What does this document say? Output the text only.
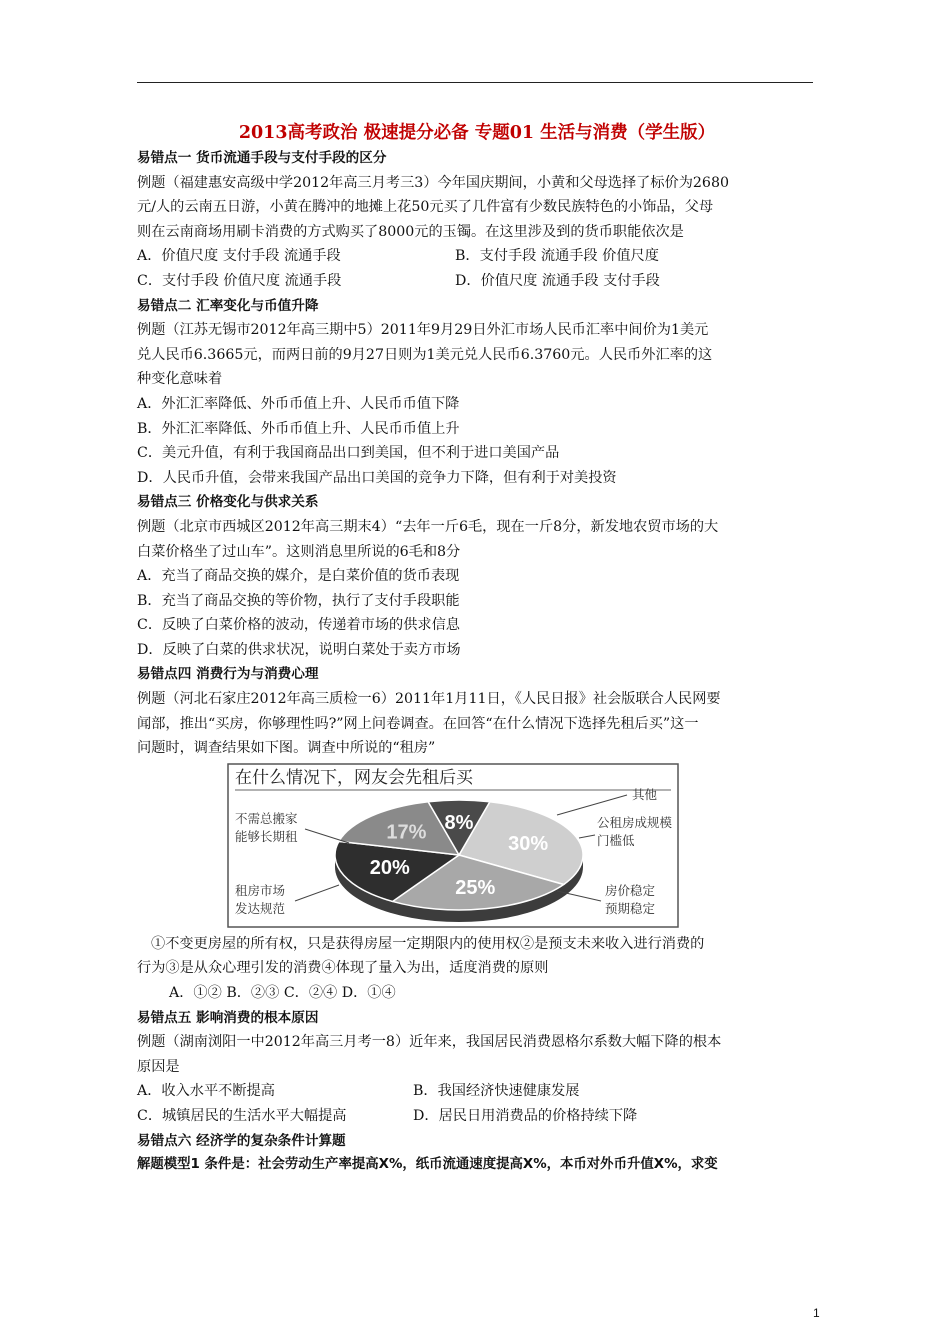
2013高考政治 极速提分必备 专题01 生活与消费（学生版）
易错点一 货币流通手段与支付手段的区分
例题（福建惠安高级中学2012年高三月考三3）今年国庆期间，小黄和父母选择了标价为2680
元/人的云南五日游，小黄在腾冲的地摊上花50元买了几件富有少数民族特色的小饰品，父母
则在云南商场用刷卡消费的方式购买了8000元的玉镯。在这里涉及到的货币职能依次是
A．价值尺度 支付手段 流通手段	B．支付手段 流通手段 价值尺度
C．支付手段 价值尺度 流通手段	D．价值尺度 流通手段 支付手段
易错点二 汇率变化与币值升降
例题（江苏无锡市2012年高三期中5）2011年9月29日外汇市场人民币汇率中间价为1美元
兑人民币6.3665元，而两日前的9月27日则为1美元兑人民币6.3760元。人民币外汇率的这
种变化意味着
A．外汇汇率降低、外币币值上升、人民币币值下降
B．外汇汇率降低、外币币值上升、人民币币值上升
C．美元升值，有利于我国商品出口到美国，但不利于进口美国产品
D．人民币升值，会带来我国产品出口美国的竞争力下降，但有利于对美投资
易错点三 价格变化与供求关系
例题（北京市西城区2012年高三期末4）“去年一斤6毛，现在一斤8分，新发地农贸市场的大
白菜价格坐了过山车”。这则消息里所说的6毛和8分
A．充当了商品交换的媒介，是白菜价值的货币表现
B．充当了商品交换的等价物，执行了支付手段职能
C．反映了白菜价格的波动，传递着市场的供求信息
D．反映了白菜的供求状况，说明白菜处于卖方市场
易错点四 消费行为与消费心理
例题（河北石家庄2012年高三质检一6）2011年1月11日，《人民日报》社会版联合人民网要
闻部，推出“买房，你够理性吗?”网上问卷调查。在回答“在什么情况下选择先租后买”这一
问题时，调查结果如下图。调查中所说的“租房”
在什么情况下，网友会先租后买
30%
25%
20%
17% 8%
其他
不需总搬家
能够长期租
公租房成规模
门槛低
租房市场
发达规范
房价稳定
预期稳定
①不变更房屋的所有权，只是获得房屋一定期限内的使用权②是预支未来收入进行消费的
行为③是从众心理引发的消费④体现了量入为出，适度消费的原则
A．①② B．②③ C．②④ D．①④
易错点五 影响消费的根本原因
例题（湖南浏阳一中2012年高三月考一8）近年来，我国居民消费恩格尔系数大幅下降的根本
原因是
A．收入水平不断提高	B．我国经济快速健康发展
C．城镇居民的生活水平大幅提高	D．居民日用消费品的价格持续下降
易错点六 经济学的复杂条件计算题
解题模型1 条件是：社会劳动生产率提高X%，纸币流通速度提高X%，本币对外币升值X%，求变
1
